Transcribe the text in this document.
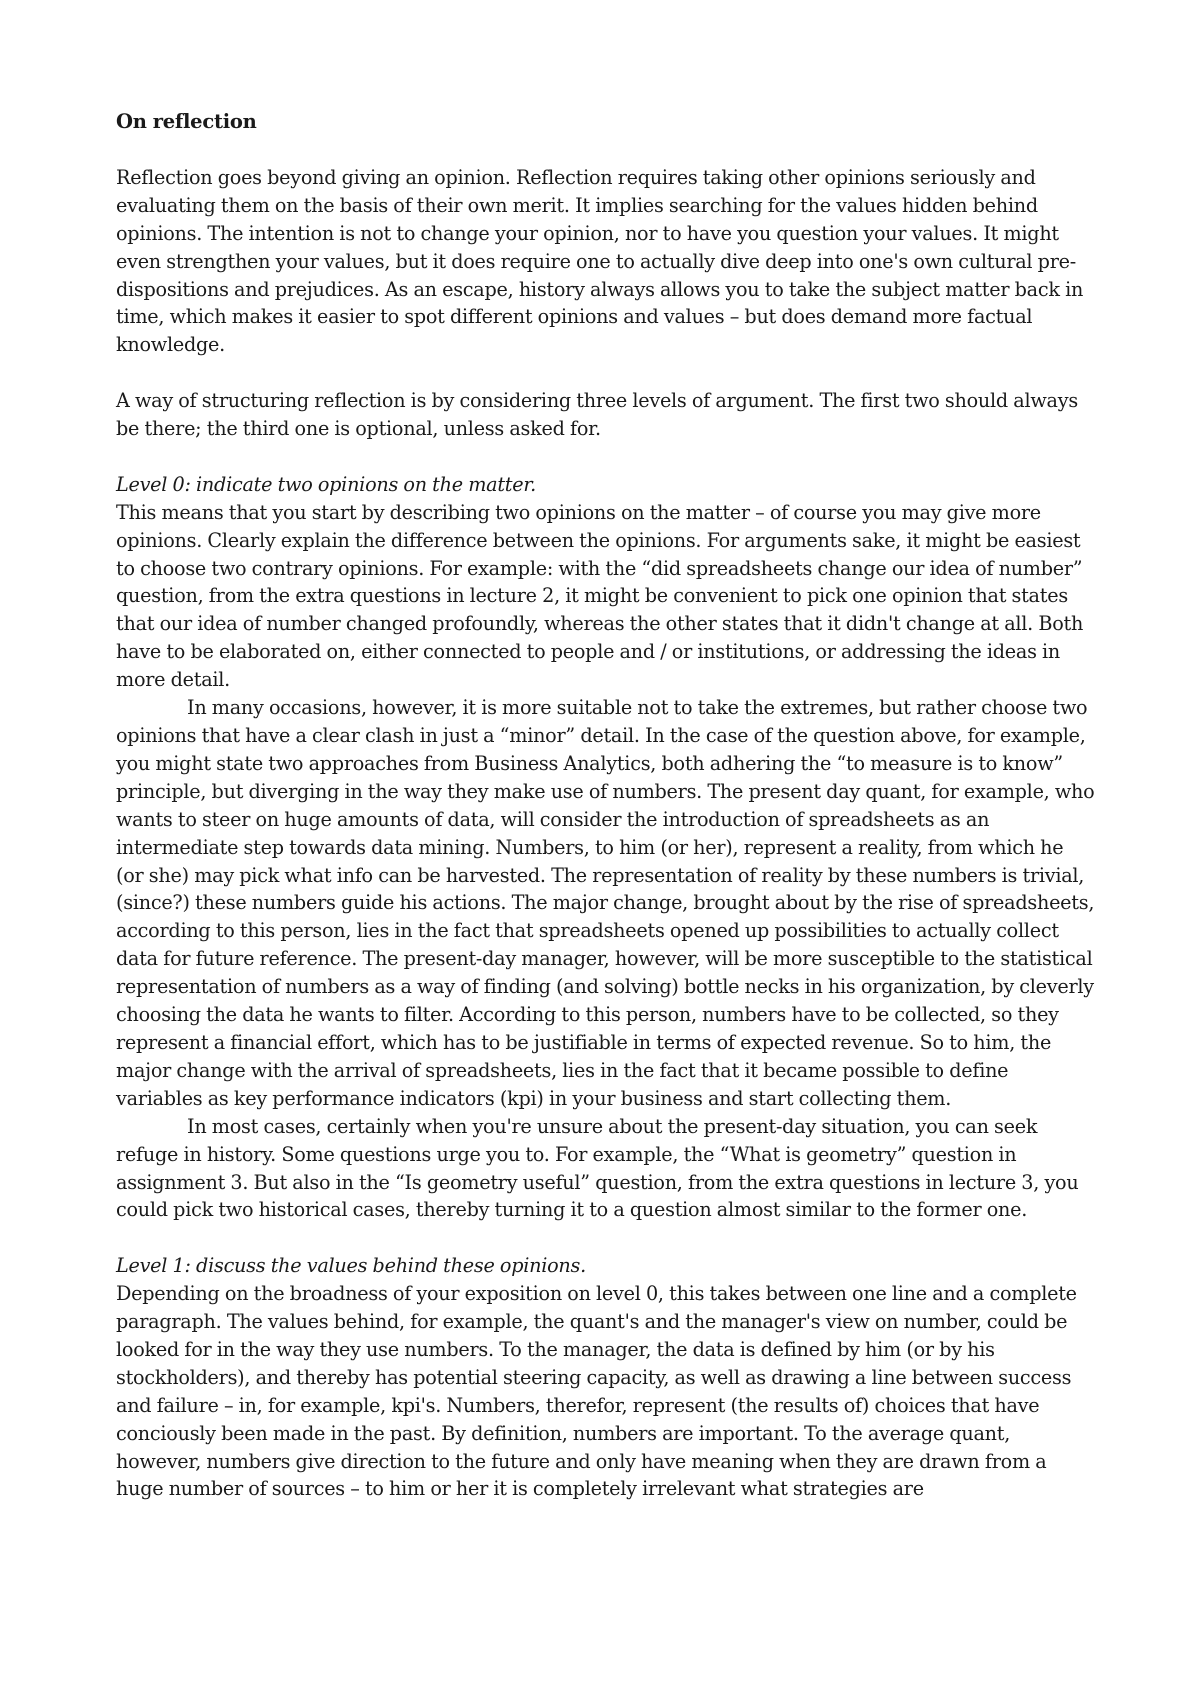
On reflection

Reflection goes beyond giving an opinion. Reflection requires taking other opinions seriously and evaluating them on the basis of their own merit. It implies searching for the values hidden behind opinions. The intention is not to change your opinion, nor to have you question your values. It might even strengthen your values, but it does require one to actually dive deep into one's own cultural pre-dispositions and prejudices. As an escape, history always allows you to take the subject matter back in time, which makes it easier to spot different opinions and values – but does demand more factual knowledge.

A way of structuring reflection is by considering three levels of argument. The first two should always be there; the third one is optional, unless asked for.

Level 0: indicate two opinions on the matter.

This means that you start by describing two opinions on the matter – of course you may give more opinions. Clearly explain the difference between the opinions. For arguments sake, it might be easiest to choose two contrary opinions. For example: with the “did spreadsheets change our idea of number” question, from the extra questions in lecture 2, it might be convenient to pick one opinion that states that our idea of number changed profoundly, whereas the other states that it didn't change at all. Both have to be elaborated on, either connected to people and / or institutions, or addressing the ideas in more detail.

In many occasions, however, it is more suitable not to take the extremes, but rather choose two opinions that have a clear clash in just a “minor” detail. In the case of the question above, for example, you might state two approaches from Business Analytics, both adhering the “to measure is to know” principle, but diverging in the way they make use of numbers. The present day quant, for example, who wants to steer on huge amounts of data, will consider the introduction of spreadsheets as an intermediate step towards data mining. Numbers, to him (or her), represent a reality, from which he (or she) may pick what info can be harvested. The representation of reality by these numbers is trivial, (since?) these numbers guide his actions. The major change, brought about by the rise of spreadsheets, according to this person, lies in the fact that spreadsheets opened up possibilities to actually collect data for future reference. The present-day manager, however, will be more susceptible to the statistical representation of numbers as a way of finding (and solving) bottle necks in his organization, by cleverly choosing the data he wants to filter. According to this person, numbers have to be collected, so they represent a financial effort, which has to be justifiable in terms of expected revenue. So to him, the major change with the arrival of spreadsheets, lies in the fact that it became possible to define variables as key performance indicators (kpi) in your business and start collecting them.

In most cases, certainly when you're unsure about the present-day situation, you can seek refuge in history. Some questions urge you to. For example, the “What is geometry” question in assignment 3. But also in the “Is geometry useful” question, from the extra questions in lecture 3, you could pick two historical cases, thereby turning it to a question almost similar to the former one.

Level 1: discuss the values behind these opinions.

Depending on the broadness of your exposition on level 0, this takes between one line and a complete paragraph. The values behind, for example, the quant's and the manager's view on number, could be looked for in the way they use numbers. To the manager, the data is defined by him (or by his stockholders), and thereby has potential steering capacity, as well as drawing a line between success and failure – in, for example, kpi's. Numbers, therefor, represent (the results of) choices that have conciously been made in the past. By definition, numbers are important. To the average quant, however, numbers give direction to the future and only have meaning when they are drawn from a huge number of sources – to him or her it is completely irrelevant what strategies are
